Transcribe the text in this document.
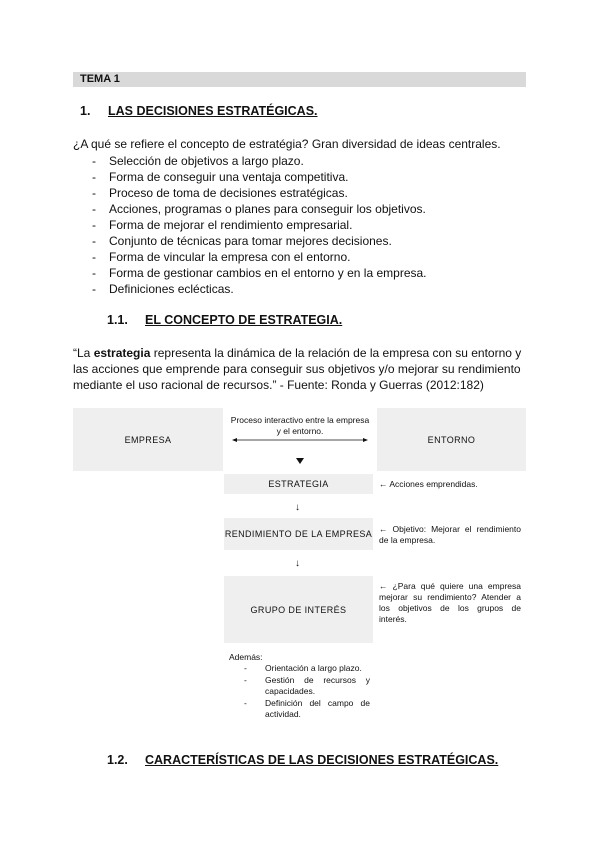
TEMA 1
1. LAS DECISIONES ESTRATÉGICAS.
¿A qué se refiere el concepto de estratégia? Gran diversidad de ideas centrales.
- Selección de objetivos a largo plazo.
- Forma de conseguir una ventaja competitiva.
- Proceso de toma de decisiones estratégicas.
- Acciones, programas o planes para conseguir los objetivos.
- Forma de mejorar el rendimiento empresarial.
- Conjunto de técnicas para tomar mejores decisiones.
- Forma de vincular la empresa con el entorno.
- Forma de gestionar cambios en el entorno y en la empresa.
- Definiciones eclécticas.
1.1. EL CONCEPTO DE ESTRATEGIA.
“La estrategia representa la dinámica de la relación de la empresa con su entorno y las acciones que emprende para conseguir sus objetivos y/o mejorar su rendimiento mediante el uso racional de recursos.” - Fuente: Ronda y Guerras (2012:182)
EMPRESA	ENTORNO
Proceso interactivo entre la empresa y el entorno.
ESTRATEGIA	← Acciones emprendidas.
↓
RENDIMIENTO DE LA EMPRESA ← Objetivo: Mejorar el rendimiento de la empresa.
↓
GRUPO DE INTERÉS
← ¿Para qué quiere una empresa mejorar su rendimiento? Atender a los objetivos de los grupos de interés.
Además:
- Orientación a largo plazo.
- Gestión de recursos y capacidades.
- Definición del campo de actividad.
1.2. CARACTERÍSTICAS DE LAS DECISIONES ESTRATÉGICAS.
